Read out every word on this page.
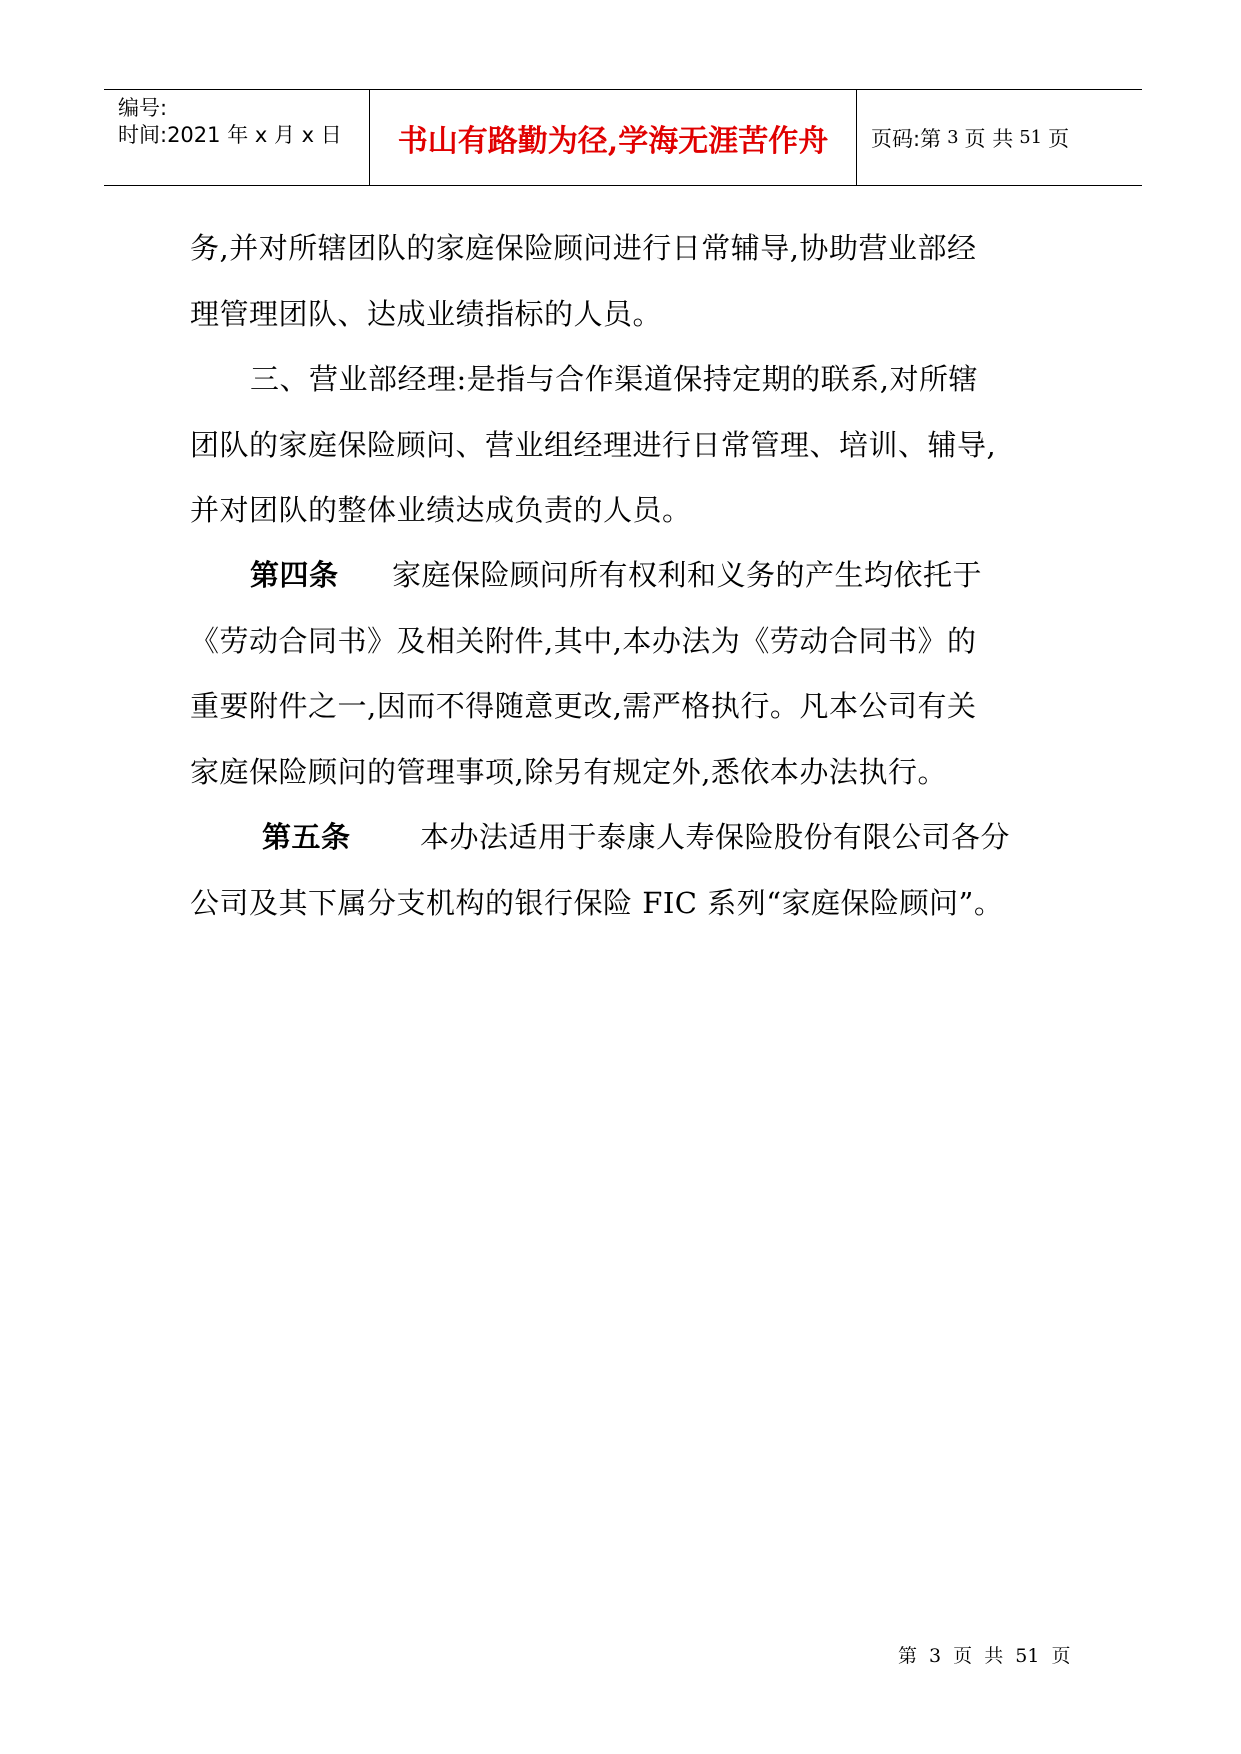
编号:
时间:2021 年 x 月 x 日	书山有路勤为径,学海无涯苦作舟	页码:第 3 页 共 51 页
务,并对所辖团队的家庭保险顾问进行日常辅导,协助营业部经
理管理团队、达成业绩指标的人员。
三、营业部经理:是指与合作渠道保持定期的联系,对所辖
团队的家庭保险顾问、营业组经理进行日常管理、培训、辅导,
并对团队的整体业绩达成负责的人员。
第四条 家庭保险顾问所有权利和义务的产生均依托于
《劳动合同书》及相关附件,其中,本办法为《劳动合同书》的
重要附件之一,因而不得随意更改,需严格执行。凡本公司有关
家庭保险顾问的管理事项,除另有规定外,悉依本办法执行。
第五条 本办法适用于泰康人寿保险股份有限公司各分
公司及其下属分支机构的银行保险 FIC 系列“家庭保险顾问”。
第 3 页 共 51 页
